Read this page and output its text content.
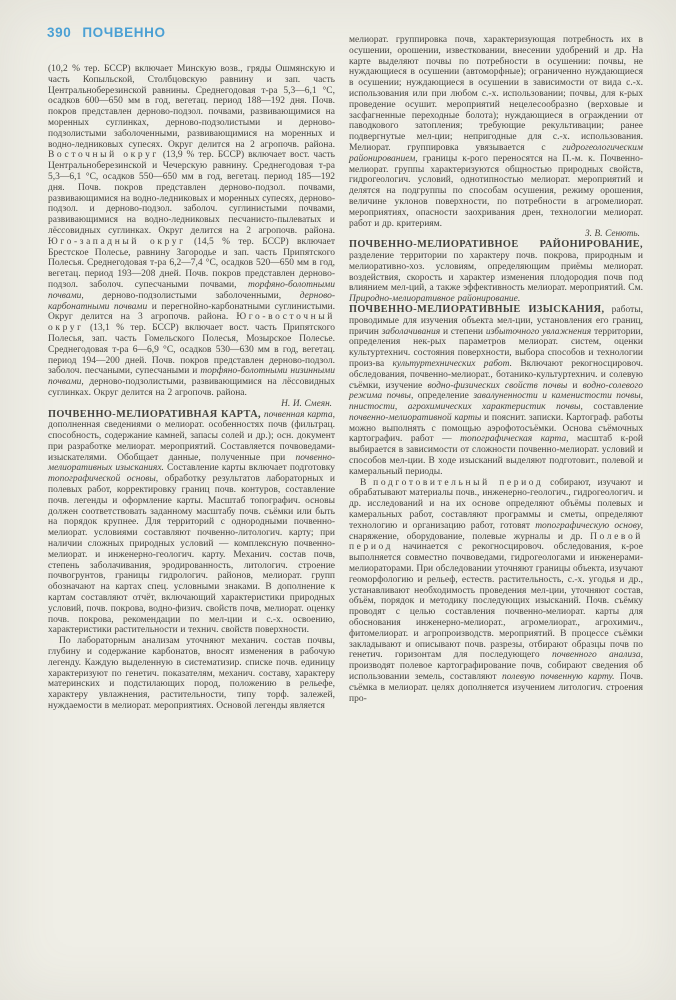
390 ПОЧВЕННО
(10,2 % тер. БССР) включает Минскую возв., гряды Ошмянскую и часть Копыльской, Столбцовскую равнину и зап. часть Центральноберезинской равнины. Среднегодовая т-ра 5,3—6,1 °С, осадков 600—650 мм в год, вегетац. период 188—192 дня. Почв. покров представлен дерново-подзол. почвами, развивающимися на моренных суглинках, дерново-подзолистыми и дерново-подзолистыми заболоченными, развивающимися на моренных и водно-ледниковых супесях. Округ делится на 2 агропочв. района. Восточный округ (13,9 % тер. БССР) включает вост. часть Центральноберезинской и Чечерскую равнину. Среднегодовая т-ра 5,3—6,1 °С, осадков 550—650 мм в год, вегетац. период 185—192 дня. Почв. покров представлен дерново-подзол. почвами, развивающимися на водно-ледниковых и моренных супесях, дерново-подзол. и дерново-подзол. заболоч. суглинистыми почвами, развивающимися на водно-ледниковых песчанисто-пылеватых и лёссовидных суглинках. Округ делится на 2 агропочв. района. Юго-западный округ (14,5 % тер. БССР) включает Брестское Полесье, равнину Загородье и зап. часть Припятского Полесья. Среднегодовая т-ра 6,2—7,4 °С, осадков 520—650 мм в год, вегетац. период 193—208 дней. Почв. покров представлен дерново-подзол. заболоч. супесчаными почвами, торфяно-болотными почвами, дерново-подзолистыми заболоченными, дерново-карбонатными почвами и перегнойно-карбонатными суглинистыми. Округ делится на 3 агропочв. района. Юго-восточный округ (13,1 % тер. БССР) включает вост. часть Припятского Полесья, зап. часть Гомельского Полесья, Мозырское Полесье. Среднегодовая т-ра 6—6,9 °С, осадков 530—630 мм в год, вегетац. период 194—200 дней. Почв. покров представлен дерново-подзол. заболоч. песчаными, супесчаными и торфяно-болотными низинными почвами, дерново-подзолистыми, развивающимися на лёссовидных суглинках. Округ делится на 2 агропочв. района.
Н. И. Смеян.
ПОЧВЕННО-МЕЛИОРАТИВНАЯ КАРТА, почвенная карта, дополненная сведениями о мелиорат. особенностях почв (фильтрац. способность, содержание камней, запасы солей и др.); осн. документ при разработке мелиорат. мероприятий. Составляется почвоведами-изыскателями. Обобщает данные, полученные при почвенно-мелиоративных изысканиях. Составление карты включает подготовку топографической основы, обработку результатов лабораторных и полевых работ, корректировку границ почв. контуров, составление почв. легенды и оформление карты. Масштаб топографич. основы должен соответствовать заданному масштабу почв. съёмки или быть на порядок крупнее. Для территорий с однородными почвенно-мелиорат. условиями составляют почвенно-литологич. карту; при наличии сложных природных условий — комплексную почвенно-мелиорат. и инженерно-геологич. карту. Механич. состав почв, степень заболачивания, эродированность, литологич. строение почвогрунтов, границы гидрологич. районов, мелиорат. групп обозначают на картах спец. условными знаками. В дополнение к картам составляют отчёт, включающий характеристики природных условий, почв. покрова, водно-физич. свойств почв, мелиорат. оценку почв. покрова, рекомендации по мел-ции и с.-х. освоению, характеристики растительности и технич. свойств поверхности.
По лабораторным анализам уточняют механич. состав почвы, глубину и содержание карбонатов, вносят изменения в рабочую легенду. Каждую выделенную в систематизир. списке почв. единицу характеризуют по генетич. показателям, механич. составу, характеру материнских и подстилающих пород, положению в рельефе, характеру увлажнения, растительности, типу торф. залежей, нуждаемости в мелиорат. мероприятиях. Основой легенды является
мелиорат. группировка почв, характеризующая потребность их в осушении, орошении, известковании, внесении удобрений и др. На карте выделяют почвы по потребности в осушении: почвы, не нуждающиеся в осушении (автоморфные); ограниченно нуждающиеся в осушении; нуждающиеся в осушении в зависимости от вида с.-х. использования или при любом с.-х. использовании; почвы, для к-рых проведение осушит. мероприятий нецелесообразно (верховые и засфагненные переходные болота); нуждающиеся в ограждении от паводкового затопления; требующие рекультивации; ранее подвергнутые мел-ции; непригодные для с.-х. использования. Мелиорат. группировка увязывается с гидрогеологическим районированием, границы к-рого переносятся на П.-м. к. Почвенно-мелиорат. группы характеризуются общностью природных свойств, гидрогеологич. условий, однотипностью мелиорат. мероприятий и делятся на подгруппы по способам осушения, режиму орошения, величине уклонов поверхности, по потребности в агромелиорат. мероприятиях, опасности заохривания дрен, технологии мелиорат. работ и др. критериям.
З. В. Сенють.
ПОЧВЕННО-МЕЛИОРАТИВНОЕ РАЙОНИРОВАНИЕ, разделение территории по характеру почв. покрова, природным и мелиоративно-хоз. условиям, определяющим приёмы мелиорат. воздействия, скорость и характер изменения плодородия почв под влиянием мел-ций, а также эффективность мелиорат. мероприятий. См. Природно-мелиоративное районирование.
ПОЧВЕННО-МЕЛИОРАТИВНЫЕ ИЗЫСКАНИЯ, работы, проводимые для изучения объекта мел-ции, установления его границ, причин заболачивания и степени избыточного увлажнения территории, определения нек-рых параметров мелиорат. систем, оценки культуртехнич. состояния поверхности, выбора способов и технологии произ-ва культуртехнических работ. Включают рекогносцировоч. обследования, почвенно-мелиорат., ботанико-культуртехнич. и солевую съёмки, изучение водно-физических свойств почвы и водно-солевого режима почвы, определение завалуненности и каменистости почвы, пнистости, агрохимических характеристик почвы, составление почвенно-мелиоративной карты и пояснит. записки. Картограф. работы можно выполнять с помощью аэрофотосъёмки. Основа съёмочных картографич. работ — топографическая карта, масштаб к-рой выбирается в зависимости от сложности почвенно-мелиорат. условий и способов мел-ции. В ходе изысканий выделяют подготовит., полевой и камеральный периоды.
В подготовительный период собирают, изучают и обрабатывают материалы почв., инженерно-геологич., гидрогеологич. и др. исследований и на их основе определяют объёмы полевых и камеральных работ, составляют программы и сметы, определяют технологию и организацию работ, готовят топографическую основу, снаряжение, оборудование, полевые журналы и др. Полевой период начинается с рекогносцировоч. обследования, к-рое выполняется совместно почвоведами, гидрогеологами и инженерами-мелиораторами. При обследовании уточняют границы объекта, изучают геоморфологию и рельеф, естеств. растительность, с.-х. угодья и др., устанавливают необходимость проведения мел-ции, уточняют состав, объём, порядок и методику последующих изысканий. Почв. съёмку проводят с целью составления почвенно-мелиорат. карты для обоснования инженерно-мелиорат., агромелиорат., агрохимич., фитомелиорат. и агропроизводств. мероприятий. В процессе съёмки закладывают и описывают почв. разрезы, отбирают образцы почв по генетич. горизонтам для последующего почвенного анализа, производят полевое картографирование почв, собирают сведения об использовании земель, составляют полевую почвенную карту. Почв. съёмка в мелиорат. целях дополняется изучением литологич. строения про-
